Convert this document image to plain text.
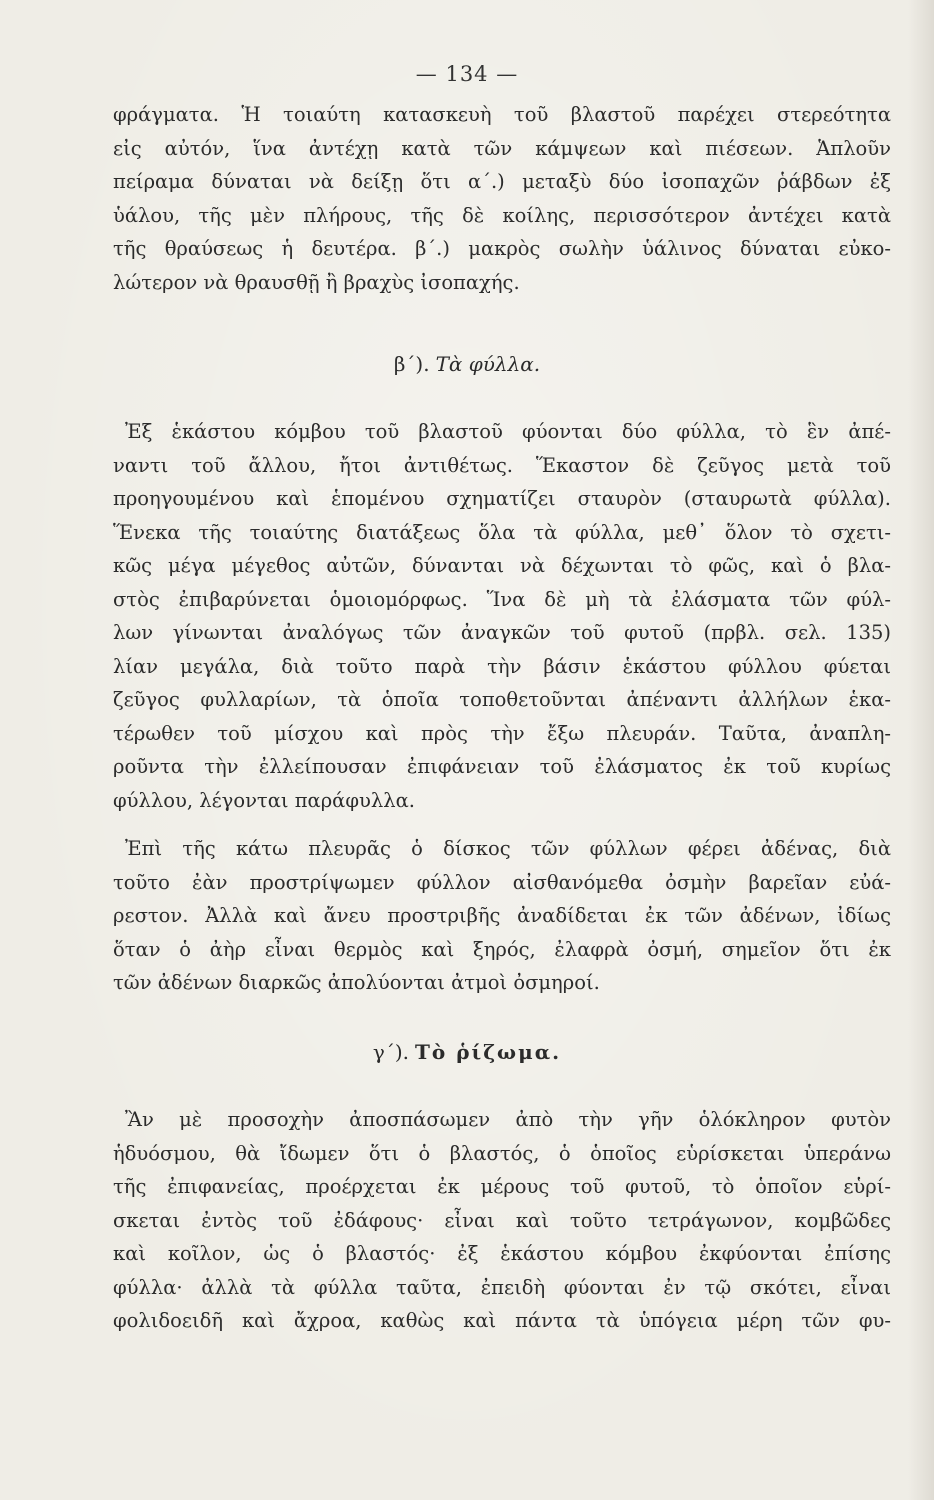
— 134 —
φράγματα. Ἡ τοιαύτη κατασκευὴ τοῦ βλαστοῦ παρέχει στερεότητα
εἰς αὐτόν, ἵνα ἀντέχῃ κατὰ τῶν κάμψεων καὶ πιέσεων. Ἁπλοῦν
πείραμα δύναται νὰ δείξῃ ὅτι α΄.) μεταξὺ δύο ἰσοπαχῶν ῥάβδων ἐξ
ὑάλου, τῆς μὲν πλήρους, τῆς δὲ κοίλης, περισσότερον ἀντέχει κατὰ
τῆς θραύσεως ἡ δευτέρα. β΄.) μακρὸς σωλὴν ὑάλινος δύναται εὐκο-
λώτερον νὰ θραυσθῇ ἢ βραχὺς ἰσοπαχής.
β΄). Τὰ φύλλα.
Ἐξ ἑκάστου κόμβου τοῦ βλαστοῦ φύονται δύο φύλλα, τὸ ἓν ἀπέ-
ναντι τοῦ ἄλλου, ἤτοι ἀντιθέτως. Ἕκαστον δὲ ζεῦγος μετὰ τοῦ
προηγουμένου καὶ ἑπομένου σχηματίζει σταυρὸν (σταυρωτὰ φύλλα).
Ἕνεκα τῆς τοιαύτης διατάξεως ὅλα τὰ φύλλα, μεθ᾽ ὅλον τὸ σχετι-
κῶς μέγα μέγεθος αὐτῶν, δύνανται νὰ δέχωνται τὸ φῶς, καὶ ὁ βλα-
στὸς ἐπιβαρύνεται ὁμοιομόρφως. Ἵνα δὲ μὴ τὰ ἐλάσματα τῶν φύλ-
λων γίνωνται ἀναλόγως τῶν ἀναγκῶν τοῦ φυτοῦ (πρβλ. σελ. 135)
λίαν μεγάλα, διὰ τοῦτο παρὰ τὴν βάσιν ἑκάστου φύλλου φύεται
ζεῦγος φυλλαρίων, τὰ ὁποῖα τοποθετοῦνται ἀπέναντι ἀλλήλων ἑκα-
τέρωθεν τοῦ μίσχου καὶ πρὸς τὴν ἔξω πλευράν. Ταῦτα, ἀναπλη-
ροῦντα τὴν ἐλλείπουσαν ἐπιφάνειαν τοῦ ἐλάσματος ἐκ τοῦ κυρίως
φύλλου, λέγονται παράφυλλα.
Ἐπὶ τῆς κάτω πλευρᾶς ὁ δίσκος τῶν φύλλων φέρει ἀδένας, διὰ
τοῦτο ἐὰν προστρίψωμεν φύλλον αἰσθανόμεθα ὀσμὴν βαρεῖαν εὐά-
ρεστον. Ἀλλὰ καὶ ἄνευ προστριβῆς ἀναδίδεται ἐκ τῶν ἀδένων, ἰδίως
ὅταν ὁ ἀὴρ εἶναι θερμὸς καὶ ξηρός, ἐλαφρὰ ὀσμή, σημεῖον ὅτι ἐκ
τῶν ἀδένων διαρκῶς ἀπολύονται ἀτμοὶ ὀσμηροί.
γ΄). Τὸ ῥίζωμα.
Ἂν μὲ προσοχὴν ἀποσπάσωμεν ἀπὸ τὴν γῆν ὁλόκληρον φυτὸν
ἡδυόσμου, θὰ ἴδωμεν ὅτι ὁ βλαστός, ὁ ὁποῖος εὑρίσκεται ὑπεράνω
τῆς ἐπιφανείας, προέρχεται ἐκ μέρους τοῦ φυτοῦ, τὸ ὁποῖον εὑρί-
σκεται ἐντὸς τοῦ ἐδάφους· εἶναι καὶ τοῦτο τετράγωνον, κομβῶδες
καὶ κοῖλον, ὡς ὁ βλαστός· ἐξ ἑκάστου κόμβου ἐκφύονται ἐπίσης
φύλλα· ἀλλὰ τὰ φύλλα ταῦτα, ἐπειδὴ φύονται ἐν τῷ σκότει, εἶναι
φολιδοειδῆ καὶ ἄχροα, καθὼς καὶ πάντα τὰ ὑπόγεια μέρη τῶν φυ-
